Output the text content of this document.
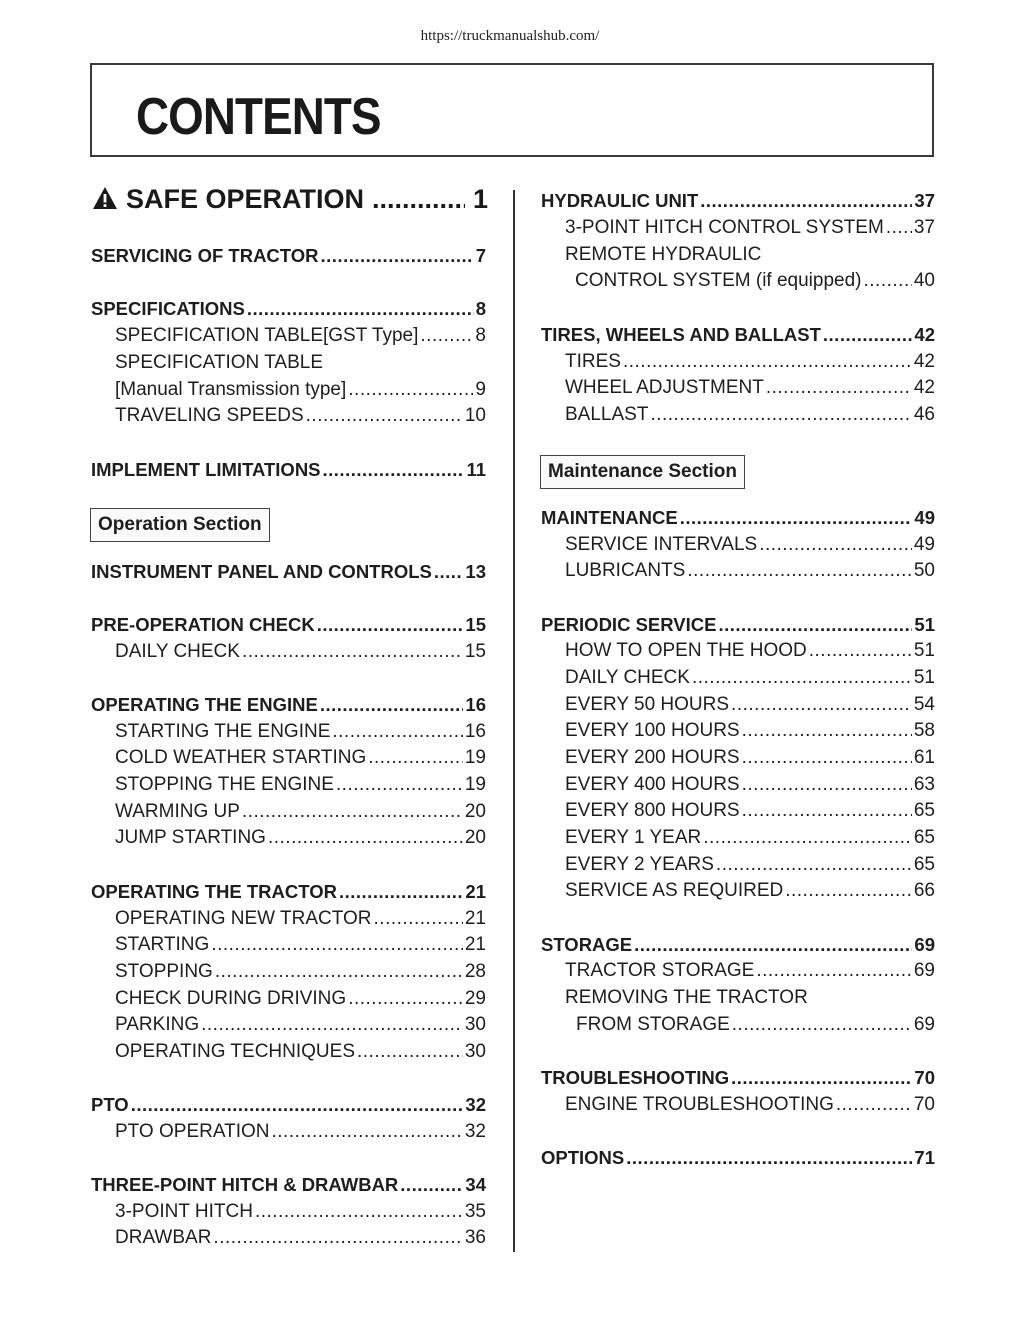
https://truckmanualshub.com/
CONTENTS
SAFE OPERATION .....	1
SERVICING OF TRACTOR .....	7
SPECIFICATIONS .....	8
SPECIFICATION TABLE[GST Type] .....	8
SPECIFICATION TABLE
[Manual Transmission type] .....	9
TRAVELING SPEEDS .....	10
IMPLEMENT LIMITATIONS .....	11
Operation Section
INSTRUMENT PANEL AND CONTROLS ..... 13
PRE-OPERATION CHECK .....	15
DAILY CHECK .....	15
OPERATING THE ENGINE .....	16
STARTING THE ENGINE .....	16
COLD WEATHER STARTING .....	19
STOPPING THE ENGINE .....	19
WARMING UP .....	20
JUMP STARTING .....	20
OPERATING THE TRACTOR .....	21
OPERATING NEW TRACTOR .....	21
STARTING .....	21
STOPPING .....	28
CHECK DURING DRIVING .....	29
PARKING .....	30
OPERATING TECHNIQUES .....	30
PTO .....	32
PTO OPERATION .....	32
THREE-POINT HITCH & DRAWBAR .....	34
3-POINT HITCH .....	35
DRAWBAR .....	36
HYDRAULIC UNIT .....	37
3-POINT HITCH CONTROL SYSTEM ..... 37
REMOTE HYDRAULIC
CONTROL SYSTEM (if equipped) .....	40
TIRES, WHEELS AND BALLAST .....	42
TIRES .....	42
WHEEL ADJUSTMENT .....	42
BALLAST .....	46
Maintenance Section
MAINTENANCE .....	49
SERVICE INTERVALS .....	49
LUBRICANTS .....	50
PERIODIC SERVICE .....	51
HOW TO OPEN THE HOOD .....	51
DAILY CHECK .....	51
EVERY 50 HOURS .....	54
EVERY 100 HOURS .....	58
EVERY 200 HOURS .....	61
EVERY 400 HOURS .....	63
EVERY 800 HOURS .....	65
EVERY 1 YEAR .....	65
EVERY 2 YEARS .....	65
SERVICE AS REQUIRED .....	66
STORAGE .....	69
TRACTOR STORAGE .....	69
REMOVING THE TRACTOR
FROM STORAGE .....	69
TROUBLESHOOTING .....	70
ENGINE TROUBLESHOOTING .....	70
OPTIONS .....	71
